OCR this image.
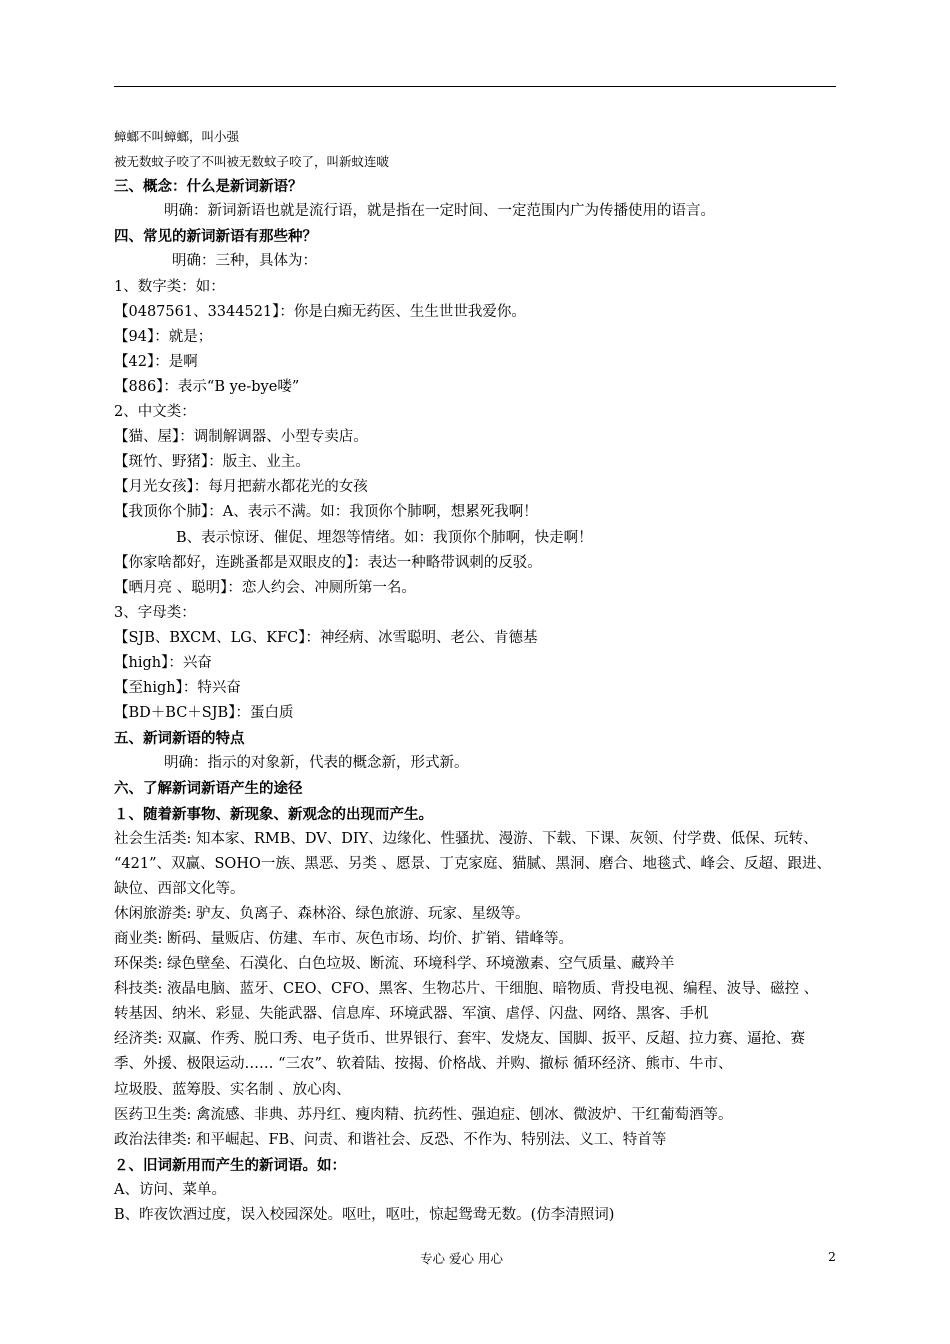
蟑螂不叫蟑螂，叫小强
被无数蚊子咬了不叫被无数蚊子咬了，叫新蚊连啵
三、概念：什么是新词新语？
明确：新词新语也就是流行语，就是指在一定时间、一定范围内广为传播使用的语言。
四、常见的新词新语有那些种？
明确：三种，具体为：
1、数字类：如：
【0487561、3344521】：你是白痴无药医、生生世世我爱你。
【94】：就是；
【42】：是啊
【886】：表示“B ye-bye喽”
2、中文类：
【猫、屋】：调制解调器、小型专卖店。
【斑竹、野猪】：版主、业主。
【月光女孩】：每月把薪水都花光的女孩
【我顶你个肺】：A、表示不满。如：我顶你个肺啊，想累死我啊！
B、表示惊讶、催促、埋怨等情绪。如：我顶你个肺啊，快走啊！
【你家啥都好，连跳蚤都是双眼皮的】：表达一种略带讽刺的反驳。
【晒月亮 、聪明】：恋人约会、冲厕所第一名。
3、字母类：
【SJB、BXCM、LG、KFC】：神经病、冰雪聪明、老公、肯德基
【high】：兴奋
【至high】：特兴奋
【BD＋BC＋SJB】：蛋白质
五、新词新语的特点
明确：指示的对象新，代表的概念新，形式新。
六、了解新词新语产生的途径
１、随着新事物、新现象、新观念的出现而产生。
社会生活类: 知本家、RMB、DV、DIY、边缘化、性骚扰、漫游、下载、下课、灰领、付学费、低保、玩转、
“421”、双赢、SOHO一族、黑恶、另类 、愿景、丁克家庭、猫腻、黑洞、磨合、地毯式、峰会、反超、跟进、
缺位、西部文化等。
休闲旅游类: 驴友、负离子、森林浴、绿色旅游、玩家、星级等。
商业类: 断码、量贩店、仿建、车市、灰色市场、均价、扩销、错峰等。
环保类: 绿色壁垒、石漠化、白色垃圾、断流、环境科学、环境激素、空气质量、藏羚羊
科技类: 液晶电脑、蓝牙、CEO、CFO、黑客、生物芯片、干细胞、暗物质、背投电视、编程、波导、磁控 、
转基因、纳米、彩显、失能武器、信息库、环境武器、军演、虐俘、闪盘、网络、黑客、手机
经济类: 双赢、作秀、脱口秀、电子货币、世界银行、套牢、发烧友、国脚、扳平、反超、拉力赛、逼抢、赛
季、外援、极限运动…… “三农”、软着陆、按揭、价格战、并购、撤标 循环经济、熊市、牛市、
垃圾股、蓝筹股、实名制 、放心肉、
医药卫生类: 禽流感、非典、苏丹红、瘦肉精、抗药性、强迫症、刨冰、微波炉、干红葡萄酒等。
政治法律类: 和平崛起、FB、问责、和谐社会、反恐、不作为、特别法、义工、特首等
２、旧词新用而产生的新词语。如：
A、访问、菜单。
B、昨夜饮酒过度，误入校园深处。呕吐，呕吐，惊起鸳鸯无数。(仿李清照词)
专心 爱心 用心	2
